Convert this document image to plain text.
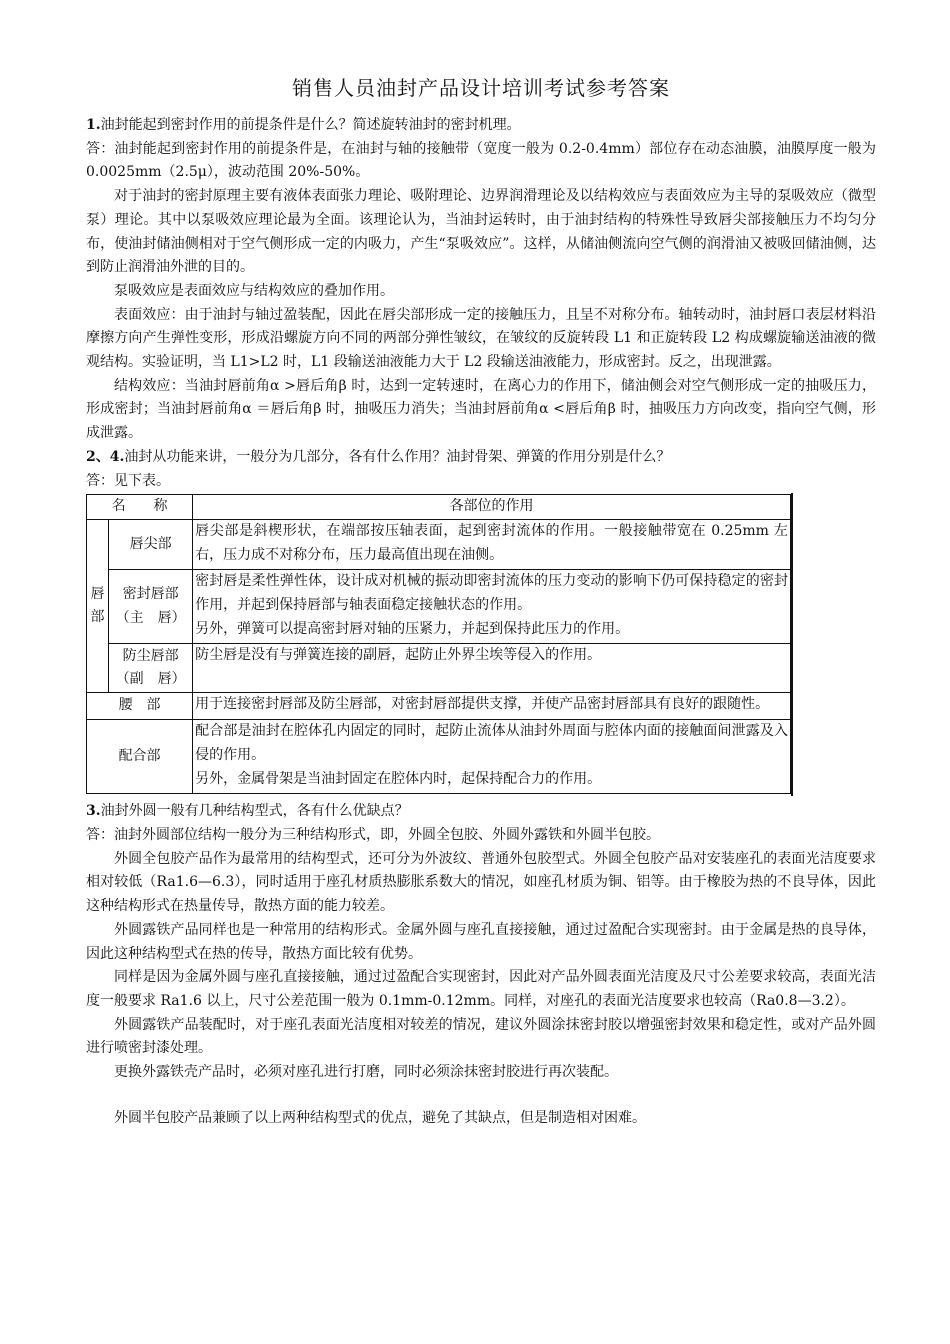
销售人员油封产品设计培训考试参考答案

1.油封能起到密封作用的前提条件是什么？简述旋转油封的密封机理。

答：油封能起到密封作用的前提条件是，在油封与轴的接触带（宽度一般为 0.2-0.4mm）部位存在动态油膜，油膜厚度一般为 0.0025mm（2.5μ），波动范围 20%-50%。

对于油封的密封原理主要有液体表面张力理论、吸附理论、边界润滑理论及以结构效应与表面效应为主导的泵吸效应（微型泵）理论。其中以泵吸效应理论最为全面。该理论认为，当油封运转时，由于油封结构的特殊性导致唇尖部接触压力不均匀分布，使油封储油侧相对于空气侧形成一定的内吸力，产生“泵吸效应”。这样，从储油侧流向空气侧的润滑油又被吸回储油侧，达到防止润滑油外泄的目的。

泵吸效应是表面效应与结构效应的叠加作用。

表面效应：由于油封与轴过盈装配，因此在唇尖部形成一定的接触压力，且呈不对称分布。轴转动时，油封唇口表层材料沿摩擦方向产生弹性变形，形成沿螺旋方向不同的两部分弹性皱纹，在皱纹的反旋转段 L1 和正旋转段 L2 构成螺旋输送油液的微观结构。实验证明，当 L1>L2 时，L1 段输送油液能力大于 L2 段输送油液能力，形成密封。反之，出现泄露。

结构效应：当油封唇前角α >唇后角β 时，达到一定转速时，在离心力的作用下，储油侧会对空气侧形成一定的抽吸压力，形成密封；当油封唇前角α ＝唇后角β 时，抽吸压力消失；当油封唇前角α <唇后角β 时，抽吸压力方向改变，指向空气侧，形成泄露。

2、4.油封从功能来讲，一般分为几部分，各有什么作用？油封骨架、弹簧的作用分别是什么？

答：见下表。

名　　称		各部位的作用
唇部	唇尖部	唇尖部是斜楔形状，在端部按压轴表面，起到密封流体的作用。一般接触带宽在 0.25mm 左右，压力成不对称分布，压力最高值出现在油侧。

	密封唇部（主　唇）	密封唇是柔性弹性体，设计成对机械的振动即密封流体的压力变动的影响下仍可保持稳定的密封作用，并起到保持唇部与轴表面稳定接触状态的作用。
另外，弹簧可以提高密封唇对轴的压紧力，并起到保持此压力的作用。

	防尘唇部（副　唇）	防尘唇是没有与弹簧连接的副唇，起防止外界尘埃等侵入的作用。

腰　部		用于连接密封唇部及防尘唇部，对密封唇部提供支撑，并使产品密封唇部具有良好的跟随性。

配合部		配合部是油封在腔体孔内固定的同时，起防止流体从油封外周面与腔体内面的接触面间泄露及入侵的作用。
另外，金属骨架是当油封固定在腔体内时，起保持配合力的作用。

3.油封外圆一般有几种结构型式，各有什么优缺点？

答：油封外圆部位结构一般分为三种结构形式，即，外圆全包胶、外圆外露铁和外圆半包胶。

外圆全包胶产品作为最常用的结构型式，还可分为外波纹、普通外包胶型式。外圆全包胶产品对安装座孔的表面光洁度要求相对较低（Ra1.6—6.3），同时适用于座孔材质热膨胀系数大的情况，如座孔材质为铜、铝等。由于橡胶为热的不良导体，因此这种结构形式在热量传导，散热方面的能力较差。

外圆露铁产品同样也是一种常用的结构形式。金属外圆与座孔直接接触，通过过盈配合实现密封。由于金属是热的良导体，因此这种结构型式在热的传导，散热方面比较有优势。

同样是因为金属外圆与座孔直接接触，通过过盈配合实现密封，因此对产品外圆表面光洁度及尺寸公差要求较高，表面光洁度一般要求 Ra1.6 以上，尺寸公差范围一般为 0.1mm-0.12mm。同样，对座孔的表面光洁度要求也较高（Ra0.8—3.2）。

外圆露铁产品装配时，对于座孔表面光洁度相对较差的情况，建议外圆涂抹密封胶以增强密封效果和稳定性，或对产品外圆进行喷密封漆处理。

更换外露铁壳产品时，必须对座孔进行打磨，同时必须涂抹密封胶进行再次装配。

外圆半包胶产品兼顾了以上两种结构型式的优点，避免了其缺点，但是制造相对困难。
